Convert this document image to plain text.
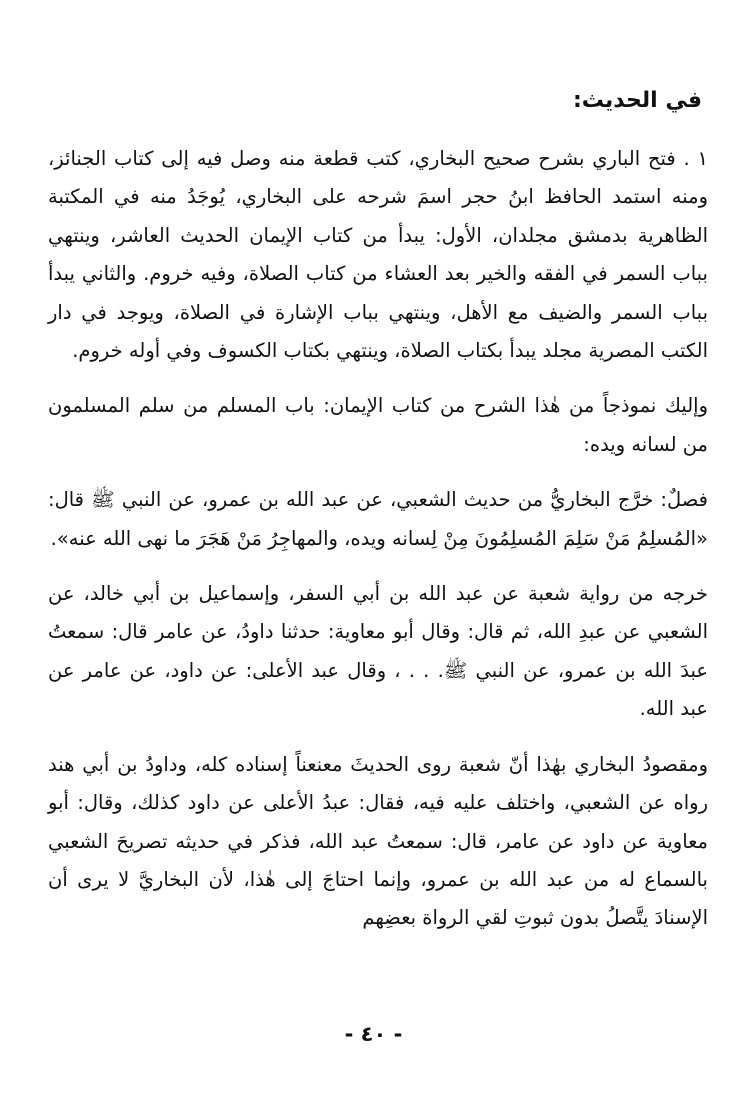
في الحديث:

١ . فتح الباري بشرح صحيح البخاري، كتب قطعة منه وصل فيه إلى كتاب الجنائز، ومنه استمد الحافظ ابنُ حجر اسمَ شرحه على البخاري، يُوجَدُ منه في المكتبة الظاهرية بدمشق مجلدان، الأول: يبدأ من كتاب الإيمان الحديث العاشر، وينتهي بباب السمر في الفقه والخير بعد العشاء من كتاب الصلاة، وفيه خروم. والثاني يبدأ بباب السمر والضيف مع الأهل، وينتهي بباب الإشارة في الصلاة، ويوجد في دار الكتب المصرية مجلد يبدأ بكتاب الصلاة، وينتهي بكتاب الكسوف وفي أوله خروم.

وإليك نموذجاً من هٰذا الشرح من كتاب الإيمان: باب المسلم من سلم المسلمون من لسانه ويده:

فصلٌ: خرَّج البخاريُّ من حديث الشعبي، عن عبد الله بن عمرو، عن النبي ﷺ قال: «المُسلِمُ مَنْ سَلِمَ المُسلِمُونَ مِنْ لِسانه ويده، والمهاجِرُ مَنْ هَجَرَ ما نهى الله عنه».

خرجه من رواية شعبة عن عبد الله بن أبي السفر، وإسماعيل بن أبي خالد، عن الشعبي عن عبدِ الله، ثم قال: وقال أبو معاوية: حدثنا داودُ، عن عامر قال: سمعتُ عبدَ الله بن عمرو، عن النبي ﷺ. . . ، وقال عبد الأعلى: عن داود، عن عامر عن عبد الله.

ومقصودُ البخاري بهٰذا أنّ شعبة روى الحديثَ معنعناً إسناده كله، وداودُ بن أبي هند رواه عن الشعبي، واختلف عليه فيه، فقال: عبدُ الأعلى عن داود كذلك، وقال: أبو معاوية عن داود عن عامر، قال: سمعتُ عبد الله، فذكر في حديثه تصريحَ الشعبي بالسماع له من عبد الله بن عمرو، وإنما احتاجَ إلى هٰذا، لأن البخاريَّ لا يرى أن الإسنادَ يتَّصلُ بدون ثبوتِ لقي الرواة بعضِهم

- ٤٠ -
